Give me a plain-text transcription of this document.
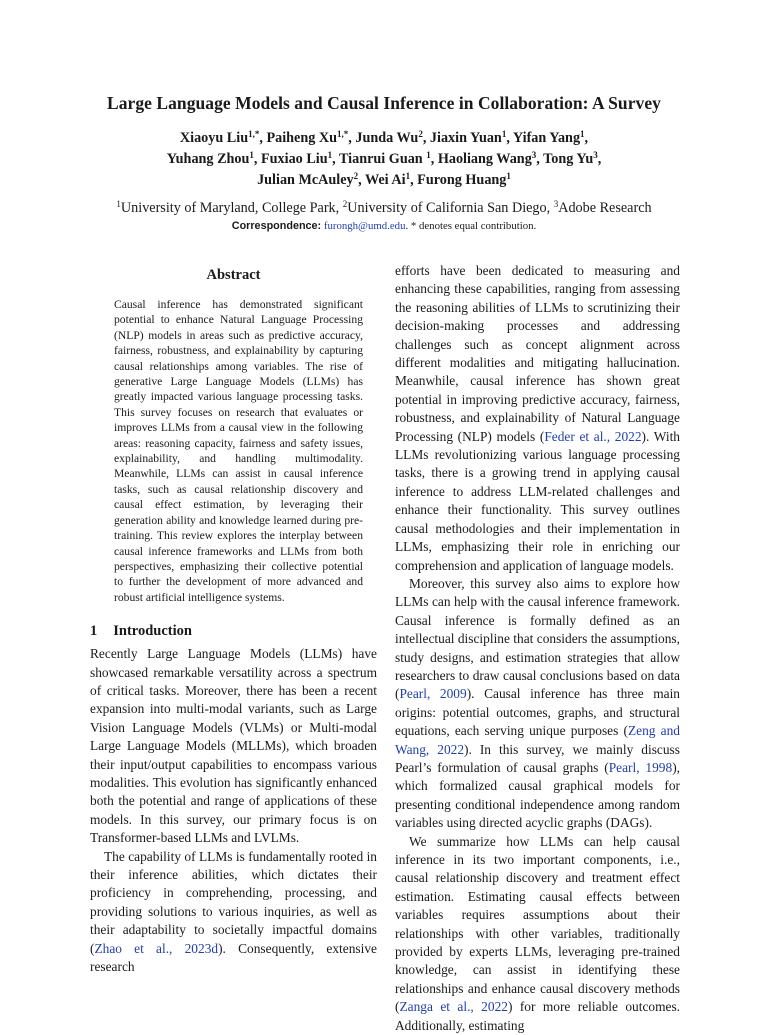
Large Language Models and Causal Inference in Collaboration: A Survey
Xiaoyu Liu$^{1,*}$, Paiheng $Xu^{1,*}$, Junda Wu$^2$, Jiaxin Yuan$^1$, Yifan Yang$^1$,
Yuhang Zhou$^1$, Fuxiao Liu$^1$, Tianrui Guan $^1$, Haoliang Wang$^3$, Tong Yu$^3$,
Julian McAuley$^2$, Wei Ai$^1$, Furong Huang$^1$
$^1$University of Maryland, College Park, $^2$University of California San Diego, $^3$Adobe Research
Correspondence: furongh@umd.edu. * denotes equal contribution.
Abstract
Causal inference has demonstrated significant potential to enhance Natural Language Processing (NLP) models in areas such as predictive accuracy, fairness, robustness, and explainability by capturing causal relationships among variables. The rise of generative Large Language Models (LLMs) has greatly impacted various language processing tasks. This survey focuses on research that evaluates or improves LLMs from a causal view in the following areas: reasoning capacity, fairness and safety issues, explainability, and handling multimodality. Meanwhile, LLMs can assist in causal inference tasks, such as causal relationship discovery and causal effect estimation, by leveraging their generation ability and knowledge learned during pre-training. This review explores the interplay between causal inference frameworks and LLMs from both perspectives, emphasizing their collective potential to further the development of more advanced and robust artificial intelligence systems.
1 Introduction

Recently Large Language Models (LLMs) have showcased remarkable versatility across a spectrum of critical tasks. Moreover, there has been a recent expansion into multi-modal variants, such as Large Vision Language Models (VLMs) or Multi-modal Large Language Models (MLLMs), which broaden their input/output capabilities to encompass various modalities. This evolution has significantly enhanced both the potential and range of applications of these models. In this survey, our primary focus is on Transformer-based LLMs and LVLMs.

The capability of LLMs is fundamentally rooted in their inference abilities, which dictates their proficiency in comprehending, processing, and providing solutions to various inquiries, as well as their adaptability to societally impactful domains (Zhao et al., 2023d). Consequently, extensive research

efforts have been dedicated to measuring and enhancing these capabilities, ranging from assessing the reasoning abilities of LLMs to scrutinizing their decision-making processes and addressing challenges such as concept alignment across different modalities and mitigating hallucination. Meanwhile, causal inference has shown great potential in improving predictive accuracy, fairness, robustness, and explainability of Natural Language Processing (NLP) models (Feder et al., 2022). With LLMs revolutionizing various language processing tasks, there is a growing trend in applying causal inference to address LLM-related challenges and enhance their functionality. This survey outlines causal methodologies and their implementation in LLMs, emphasizing their role in enriching our comprehension and application of language models.

Moreover, this survey also aims to explore how LLMs can help with the causal inference framework. Causal inference is formally defined as an intellectual discipline that considers the assumptions, study designs, and estimation strategies that allow researchers to draw causal conclusions based on data (Pearl, 2009). Causal inference has three main origins: potential outcomes, graphs, and structural equations, each serving unique purposes (Zeng and Wang, 2022). In this survey, we mainly discuss Pearl’s formulation of causal graphs (Pearl, 1998), which formalized causal graphical models for presenting conditional independence among random variables using directed acyclic graphs (DAGs).

We summarize how LLMs can help causal inference in its two important components, i.e., causal relationship discovery and treatment effect estimation. Estimating causal effects between variables requires assumptions about their relationships with other variables, traditionally provided by experts LLMs, leveraging pre-trained knowledge, can assist in identifying these relationships and enhance causal discovery methods (Zanga et al., 2022) for more reliable outcomes. Additionally, estimating
